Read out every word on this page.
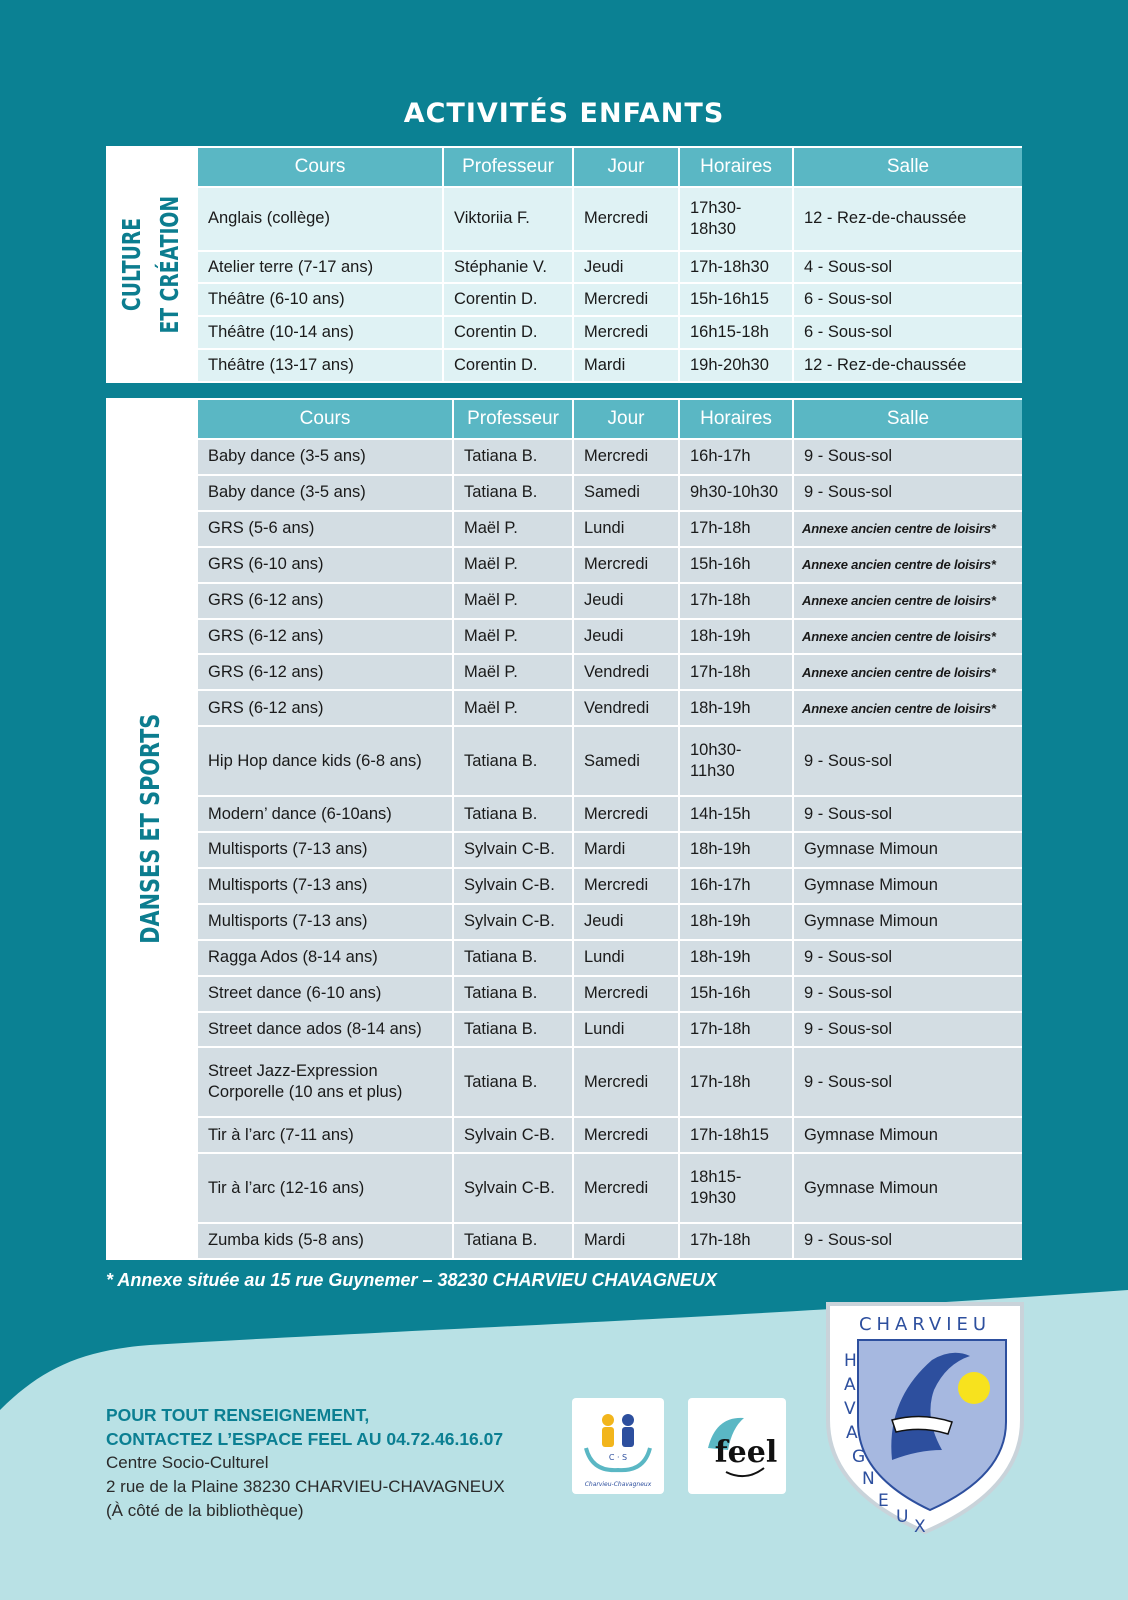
ACTIVITÉS ENFANTS
CULTURE
ET CRÉATION
Cours	Professeur	Jour	Horaires	Salle
Anglais (collège)	Viktoriia F.	Mercredi	17h30-18h30	12 - Rez-de-chaussée
Atelier terre (7-17 ans)	Stéphanie V.	Jeudi	17h-18h30	4 - Sous-sol
Théâtre (6-10 ans)	Corentin D.	Mercredi	15h-16h15	6 - Sous-sol
Théâtre (10-14 ans)	Corentin D.	Mercredi	16h15-18h	6 - Sous-sol
Théâtre (13-17 ans)	Corentin D.	Mardi	19h-20h30	12 - Rez-de-chaussée
DANSES ET SPORTS
Cours	Professeur	Jour	Horaires	Salle
Baby dance (3-5 ans)	Tatiana B.	Mercredi	16h-17h	9 - Sous-sol
Baby dance (3-5 ans)	Tatiana B.	Samedi	9h30-10h30	9 - Sous-sol
GRS (5-6 ans)	Maël P.	Lundi	17h-18h	Annexe ancien centre de loisirs*
GRS (6-10 ans)	Maël P.	Mercredi	15h-16h	Annexe ancien centre de loisirs*
GRS (6-12 ans)	Maël P.	Jeudi	17h-18h	Annexe ancien centre de loisirs*
GRS (6-12 ans)	Maël P.	Jeudi	18h-19h	Annexe ancien centre de loisirs*
GRS (6-12 ans)	Maël P.	Vendredi	17h-18h	Annexe ancien centre de loisirs*
GRS (6-12 ans)	Maël P.	Vendredi	18h-19h	Annexe ancien centre de loisirs*
Hip Hop dance kids (6-8 ans)	Tatiana B.	Samedi	10h30-11h30	9 - Sous-sol
Modern’ dance (6-10ans)	Tatiana B.	Mercredi	14h-15h	9 - Sous-sol
Multisports (7-13 ans)	Sylvain C-B.	Mardi	18h-19h	Gymnase Mimoun
Multisports (7-13 ans)	Sylvain C-B.	Mercredi	16h-17h	Gymnase Mimoun
Multisports (7-13 ans)	Sylvain C-B.	Jeudi	18h-19h	Gymnase Mimoun
Ragga Ados (8-14 ans)	Tatiana B.	Lundi	18h-19h	9 - Sous-sol
Street dance (6-10 ans)	Tatiana B.	Mercredi	15h-16h	9 - Sous-sol
Street dance ados (8-14 ans)	Tatiana B.	Lundi	17h-18h	9 - Sous-sol
Street Jazz-Expression Corporelle (10 ans et plus)	Tatiana B.	Mercredi	17h-18h	9 - Sous-sol
Tir à l’arc (7-11 ans)	Sylvain C-B.	Mercredi	17h-18h15	Gymnase Mimoun
Tir à l’arc (12-16 ans)	Sylvain C-B.	Mercredi	18h15-19h30	Gymnase Mimoun
Zumba kids (5-8 ans)	Tatiana B.	Mardi	17h-18h	9 - Sous-sol
* Annexe située au 15 rue Guynemer – 38230 CHARVIEU CHAVAGNEUX
POUR TOUT RENSEIGNEMENT,
CONTACTEZ L’ESPACE FEEL AU 04.72.46.16.07
Centre Socio-Culturel
2 rue de la Plaine 38230 CHARVIEU-CHAVAGNEUX
(À côté de la bibliothèque)
C · S
Charvieu-Chavagneux
feel
CHARVIEU
H A V A G NEU X
